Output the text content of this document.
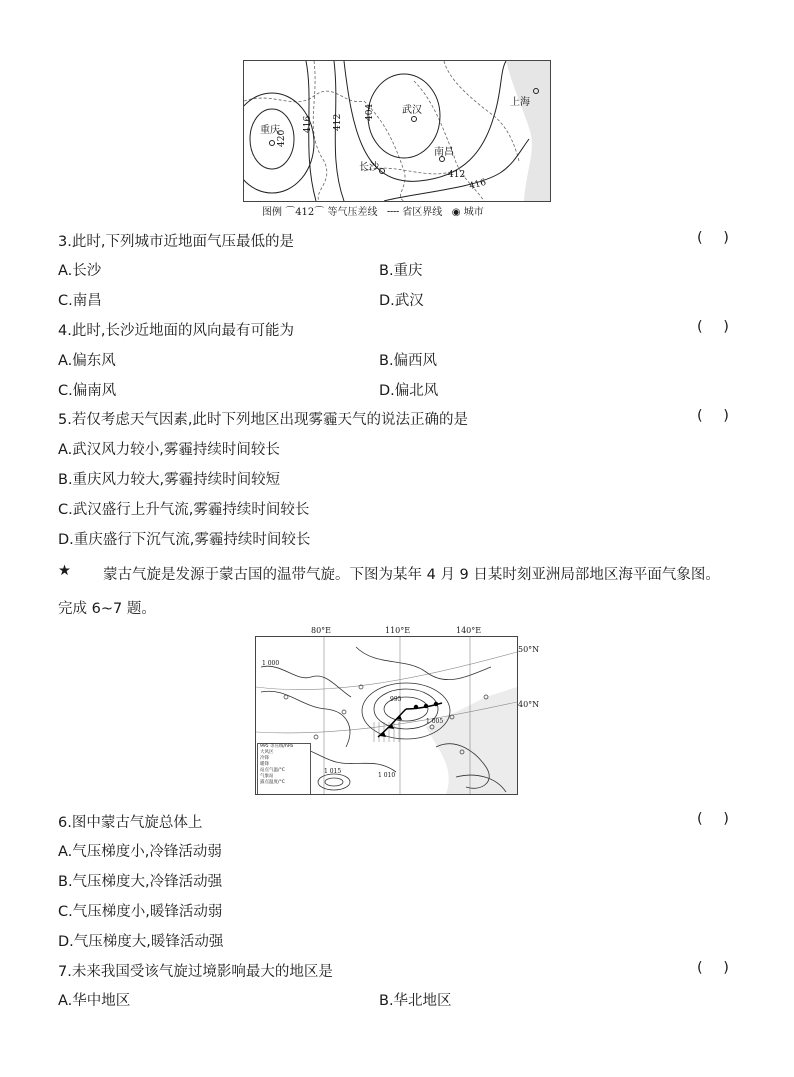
重庆
武汉
长沙
南昌
上海
420
416 412
404
412
416
图例 ⌒412⌒ 等气压差线 ╌╌ 省区界线 ◉ 城市
3.此时,下列城市近地面气压最低的是	( )
A.长沙	B.重庆
C.南昌	D.武汉
4.此时,长沙近地面的风向最有可能为	( )
A.偏东风	B.偏西风
C.偏南风	D.偏北风
5.若仅考虑天气因素,此时下列地区出现雾霾天气的说法正确的是	( )
A.武汉风力较小,雾霾持续时间较长
B.重庆风力较大,雾霾持续时间较短
C.武汉盛行上升气流,雾霾持续时间较长
D.重庆盛行下沉气流,雾霾持续时间较长
★ 蒙古气旋是发源于蒙古国的温带气旋。下图为某年 4 月 9 日某时刻亚洲局部地区海平面气象图。
完成 6~7 题。
1 000
1 005
1 010
1 015
995
995 等压线/hPa
大风区
冷锋
暖锋
站点气温/°C
气象站
露点温度/°C
80°E	110°E	140°E
50°N
40°N
6.图中蒙古气旋总体上	( )
A.气压梯度小,冷锋活动弱
B.气压梯度大,冷锋活动强
C.气压梯度小,暖锋活动弱
D.气压梯度大,暖锋活动强
7.未来我国受该气旋过境影响最大的地区是	( )
A.华中地区	B.华北地区
